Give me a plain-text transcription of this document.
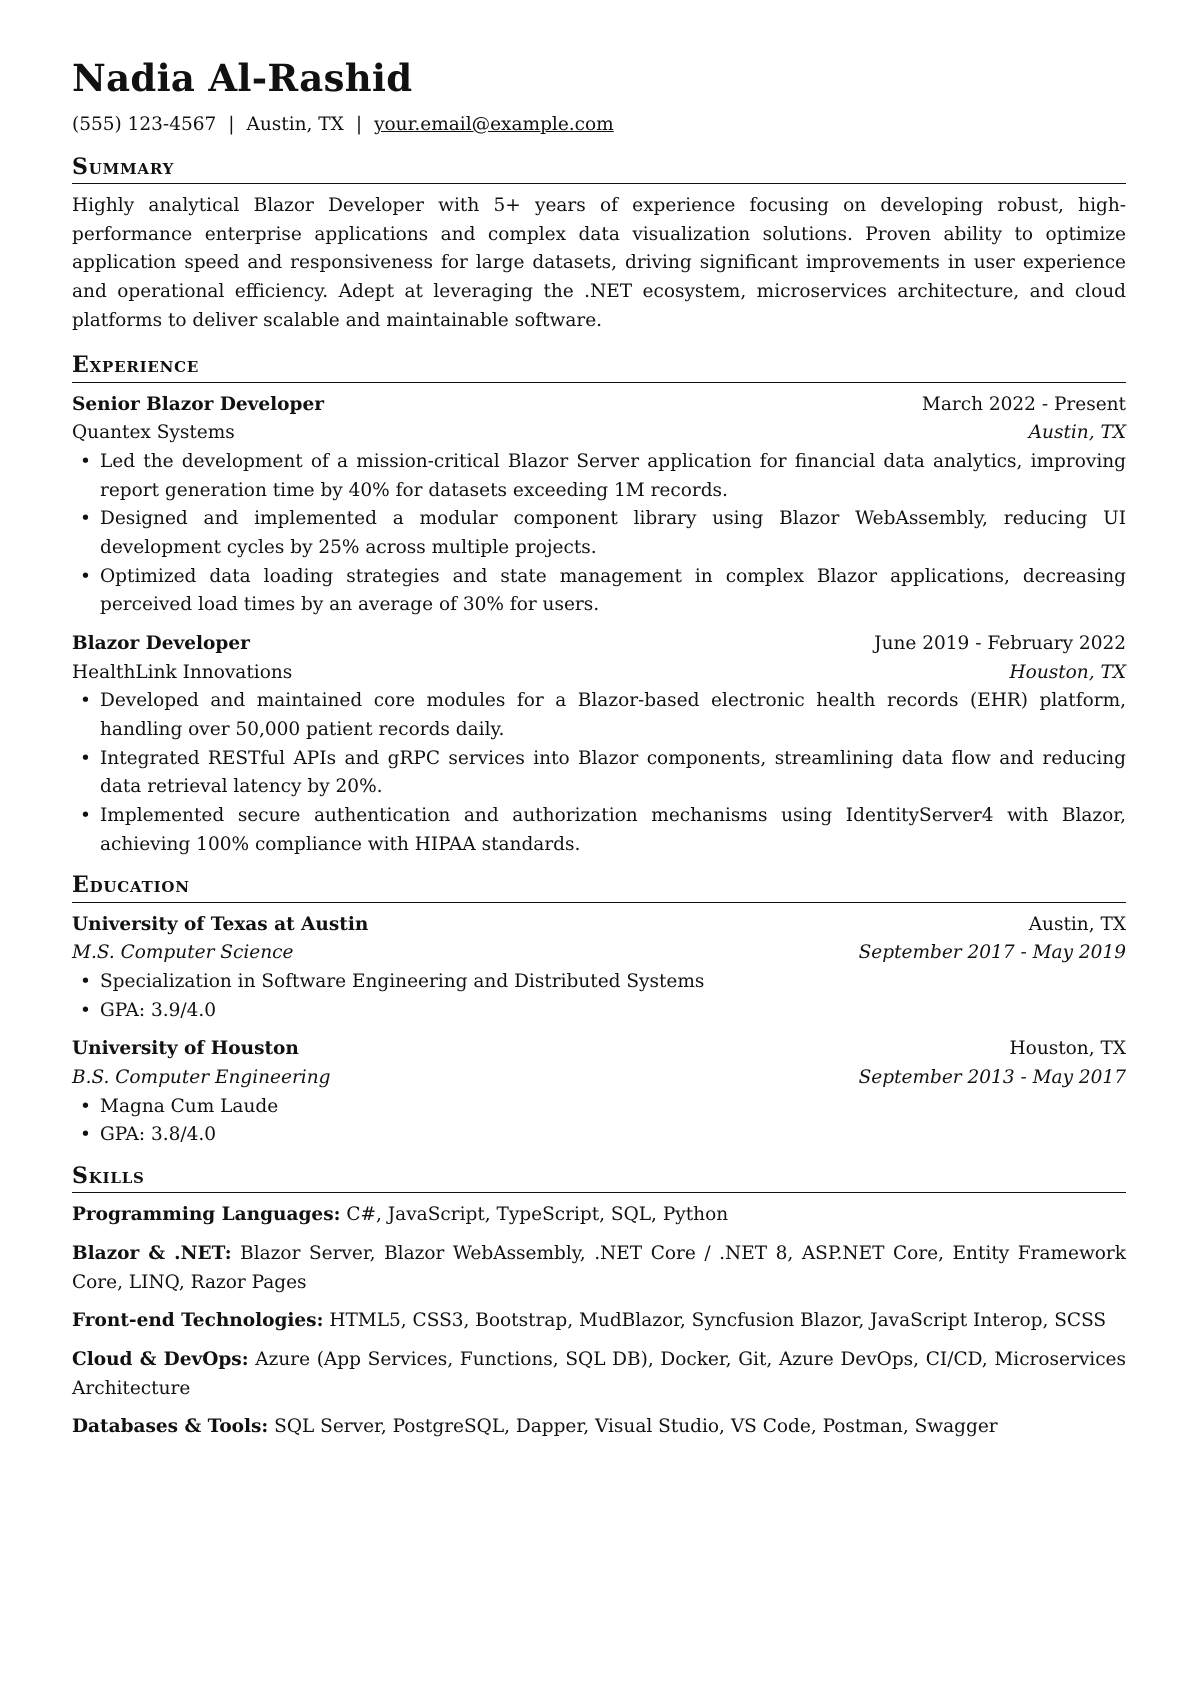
Nadia Al-Rashid
(555) 123-4567 | Austin, TX | your.email@example.com
Summary
Highly analytical Blazor Developer with 5+ years of experience focusing on developing robust, high-performance enterprise applications and complex data visualization solutions. Proven ability to optimize application speed and responsiveness for large datasets, driving significant improvements in user experience and operational efficiency. Adept at leveraging the .NET ecosystem, microservices architecture, and cloud platforms to deliver scalable and maintainable software.
Experience
Senior Blazor Developer	March 2022 - Present
Quantex Systems	Austin, TX
• Led the development of a mission-critical Blazor Server application for financial data analytics, improving report generation time by 40% for datasets exceeding 1M records.
• Designed and implemented a modular component library using Blazor WebAssembly, reducing UI development cycles by 25% across multiple projects.
• Optimized data loading strategies and state management in complex Blazor applications, decreasing perceived load times by an average of 30% for users.
Blazor Developer	June 2019 - February 2022
HealthLink Innovations	Houston, TX
• Developed and maintained core modules for a Blazor-based electronic health records (EHR) platform, handling over 50,000 patient records daily.
• Integrated RESTful APIs and gRPC services into Blazor components, streamlining data flow and reducing data retrieval latency by 20%.
• Implemented secure authentication and authorization mechanisms using IdentityServer4 with Blazor, achieving 100% compliance with HIPAA standards.
Education
University of Texas at Austin	Austin, TX
M.S. Computer Science	September 2017 - May 2019
• Specialization in Software Engineering and Distributed Systems
• GPA: 3.9/4.0
University of Houston	Houston, TX
B.S. Computer Engineering	September 2013 - May 2017
• Magna Cum Laude
• GPA: 3.8/4.0
Skills
Programming Languages: C#, JavaScript, TypeScript, SQL, Python
Blazor & .NET: Blazor Server, Blazor WebAssembly, .NET Core / .NET 8, ASP.NET Core, Entity Framework Core, LINQ, Razor Pages
Front-end Technologies: HTML5, CSS3, Bootstrap, MudBlazor, Syncfusion Blazor, JavaScript Interop, SCSS
Cloud & DevOps: Azure (App Services, Functions, SQL DB), Docker, Git, Azure DevOps, CI/CD, Microservices Architecture
Databases & Tools: SQL Server, PostgreSQL, Dapper, Visual Studio, VS Code, Postman, Swagger
